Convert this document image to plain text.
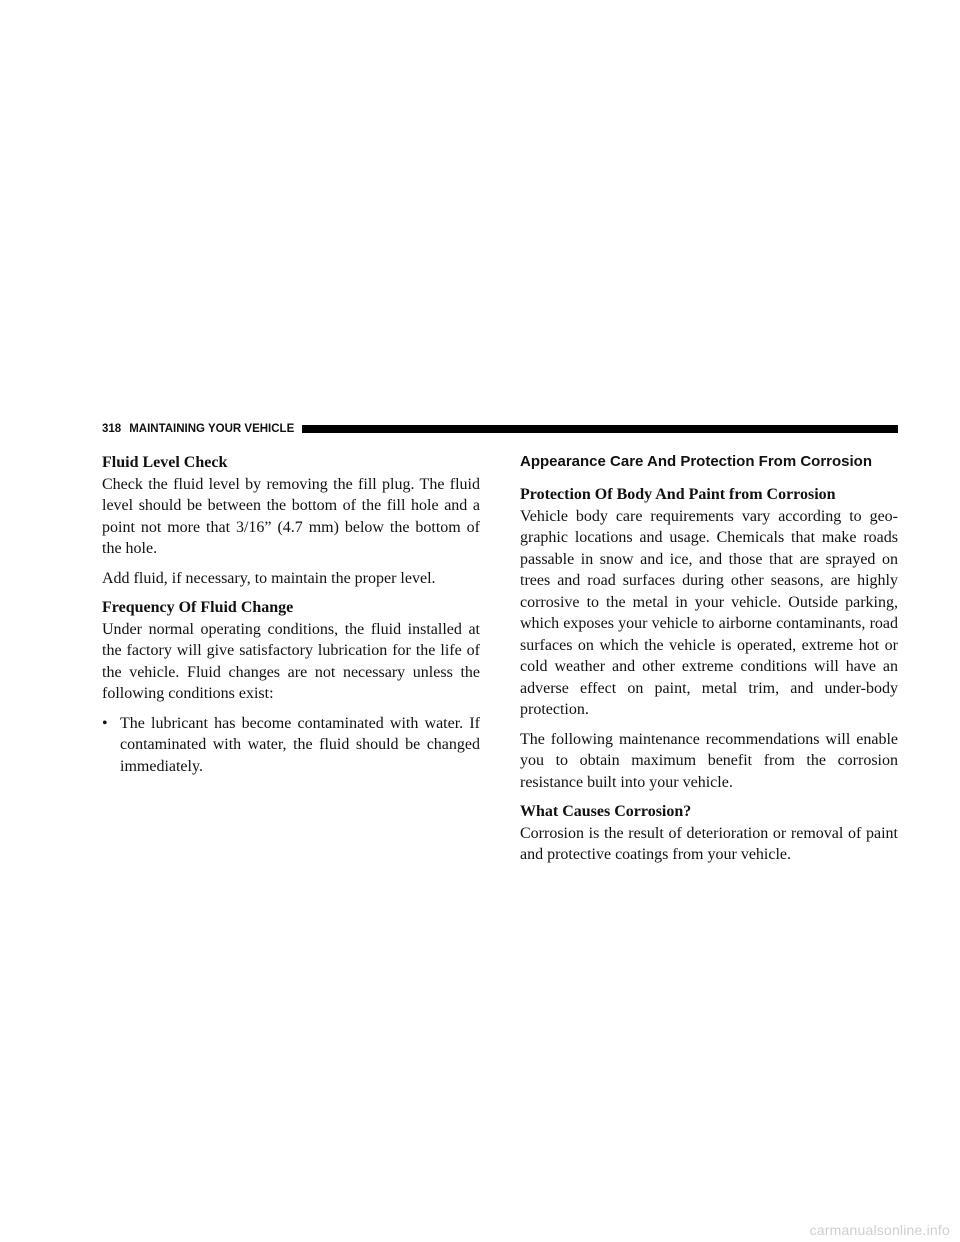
318 MAINTAINING YOUR VEHICLE
Fluid Level Check

Check the fluid level by removing the fill plug. The fluid level should be between the bottom of the fill hole and a point not more that 3/16” (4.7 mm) below the bottom of the hole.

Add fluid, if necessary, to maintain the proper level.

Frequency Of Fluid Change

Under normal operating conditions, the fluid installed at the factory will give satisfactory lubrication for the life of the vehicle. Fluid changes are not necessary unless the following conditions exist:

• The lubricant has become contaminated with water. If contaminated with water, the fluid should be changed immediately.
Appearance Care And Protection From Corrosion
Protection Of Body And Paint from Corrosion

Vehicle body care requirements vary according to geo-graphic locations and usage. Chemicals that make roads passable in snow and ice, and those that are sprayed on trees and road surfaces during other seasons, are highly corrosive to the metal in your vehicle. Outside parking, which exposes your vehicle to airborne contaminants, road surfaces on which the vehicle is operated, extreme hot or cold weather and other extreme conditions will have an adverse effect on paint, metal trim, and under-body protection.

The following maintenance recommendations will enable you to obtain maximum benefit from the corrosion resistance built into your vehicle.

What Causes Corrosion?

Corrosion is the result of deterioration or removal of paint and protective coatings from your vehicle.

carmanualsonline.info
